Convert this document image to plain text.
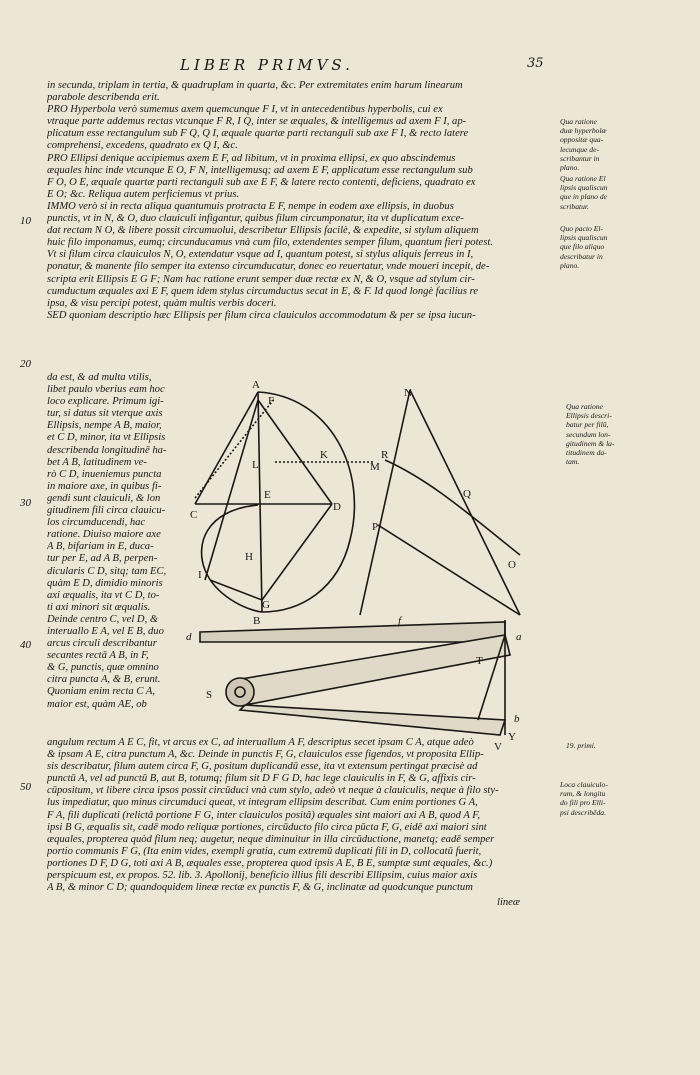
LIBER PRIMVS.	35
in secunda, triplam in tertia, & quadruplam in quarta, &c. Per extremitates enim harum linearum
parabole describenda erit.
PRO Hyperbola verò sumemus axem quemcunque F I, vt in antecedentibus hyperbolis, cui ex
vtraque parte addemus rectas vtcunque F R, I Q, inter se æquales, & intelligemus ad axem F I, ap-
plicatum esse rectangulum sub F Q, Q I, æquale quartæ parti rectanguli sub axe F I, & recto latere
comprehensi, excedens, quadrato ex Q I, &c.
PRO Ellipsi denique accipiemus axem E F, ad libitum, vt in proxima ellipsi, ex quo abscindemus
æquales hinc inde vtcunque E O, F N, intelligemusq; ad axem E F, applicatum esse rectangulum sub
F O, O E, æquale quartæ parti rectanguli sub axe E F, & latere recto contenti, deficiens, quadrato ex
E O; &c. Reliqua autem perficiemus vt prius.
IMMO verò si in recta aliqua quantumuis protracta E F, nempe in eodem axe ellipsis, in duobus
punctis, vt in N, & O, duo clauiculi infigantur, quibus filum circumponatur, ita vt duplicatum exce-
dat rectam N O, & libere possit circumuolui, describetur Ellipsis facilè, & expedite, si stylum aliquem
huic filo imponamus, eumq; circunducamus vnà cum filo, extendentes semper filum, quantum fieri potest.
Vt si filum circa clauiculos N, O, extendatur vsque ad I, quantum potest, si stylus aliquis ferreus in I,
ponatur, & manente filo semper ita extenso circumducatur, donec eo reuertatur, vnde moueri incepit, de-
scripta erit Ellipsis E G F; Nam hac ratione erunt semper duæ rectæ ex N, & O, vsque ad stylum cir-
cumductum æquales axi E F, quem idem stylus circumductus secat in E, & F. Id quod longè facilius re
ipsa, & visu percipi potest, quàm multis verbis doceri.
SED quoniam descriptio hæc Ellipsis per filum circa clauiculos accommodatum & per se ipsa iucun-
da est, & ad multa vtilis,
libet paulo vberius eam hoc
loco explicare. Primum igi-
tur, si datus sit vterque axis
Ellipsis, nempe A B, maior,
et C D, minor, ita vt Ellipsis
describenda longitudinē ha-
bet A B, latitudinem ve-
rò C D, inueniemus puncta
in maiore axe, in quibus fi-
gendi sunt clauiculi, & lon
gitudinem fili circa clauicu-
los circumducendi, hac
ratione. Diuiso maiore axe
A B, bifariam in E, duca-
tur per E, ad A B, perpen-
dicularis C D, sitq; tam EC,
quàm E D, dimidio minoris
axi æqualis, ita vt C D, to-
ti axi minori sit æqualis.
Deinde centro C, vel D, &
interuallo E A, vel E B, duo
arcus circuli describantur
secantes rectā A B, in F,
& G, punctis, quæ omnino
citra puncta A, & B, erunt.
Quoniam enim recta C A,
maior est, quàm AE, ob
angulum rectum A E C, fit, vt arcus ex C, ad interuallum A F, descriptus secet ipsam C A, atque adeò
& ipsam A E, citra punctum A, &c. Deinde in punctis F, G, clauiculos esse figendos, vt proposita Ellip-
sis describatur, filum autem circa F, G, positum duplicandū esse, ita vt extensum pertingat præcisè ad
punctū A, vel ad punctū B, aut B, totumq; filum sit D F G D, hac lege clauiculis in F, & G, affixis cir-
cūpositum, vt libere circa ipsos possit circūduci vnà cum stylo, adeò vt neque à clauiculis, neque à filo sty-
lus impediatur, quo minus circumduci queat, vt integram ellipsim describat. Cum enim portiones G A,
F A, fili duplicati (relictâ portione F G, inter clauiculos positâ) æquales sint maiori axi A B, quod A F,
ipsi B G, æqualis sit, cadē modo reliquæ portiones, circūducto filo circa pūcta F, G, eidē axi maiori sint
æquales, propterea quòd filum neq; augetur, neque diminuitur in illa circūductione, manetq; eadē semper
portio communis F G, (Ita enim vides, exempli gratia, cum extremū duplicati fili in D, collocatū fuerit,
portiones D F, D G, toti axi A B, æquales esse, propterea quod ipsis A E, B E, sumptæ sunt æquales, &c.)
perspicuum est, ex propos. 52. lib. 3. Apollonij, beneficio illius fili describi Ellipsim, cuius maior axis
A B, & minor C D; quandoquidem lineæ rectæ ex punctis F, & G, inclinatæ ad quodcunque punctum
lineæ
10
20
30
40
50
Qua ratione
duæ hyperbolæ
oppositæ qua-
lecunque de-
scribantur in
plano.
Qua ratione El
lipsis qualiscun
que in plano de
scribatur.
Quo pacto El-
lipsis qualiscun
que filo aliquo
describatur in
plano.
Qua ratione
Ellipsis descri-
batur per filū,
secundum lon-
gitudinem & la-
titudinem da-
tam.
19. primi.
Loca clauiculo-
rum, & longitu
do fili pro Elli-
psi describēda.
A
F
L
K
M
E
C
D
H
I
G
B
N
R
Q
P
O
d
f
a
S
T
b
V
Y
